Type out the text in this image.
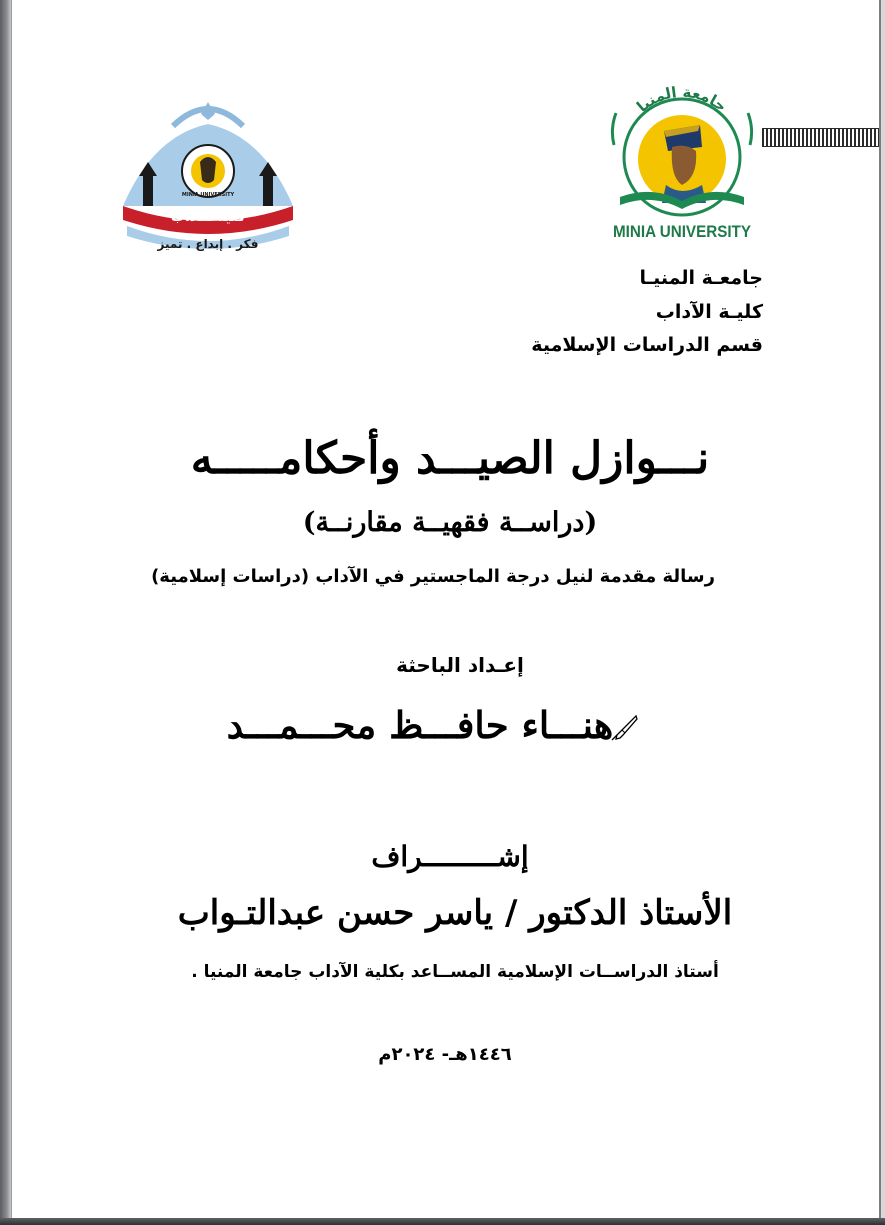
كلية الآداب
MINIA UNIVERSITY
فكر . إبداع . تميز
جامعة المنيا
MINIA UNIVERSITY
جامعـة المنيـا
كليـة الآداب
قسم الدراسات الإسلامية
نـــوازل الصيـــد وأحكامـــــه
(دراســة فقهيــة مقارنــة)
رسالة مقدمة لنيل درجة الماجستير في الآداب (دراسات إسلامية)
إعـداد الباحثة
هنـــاء حافـــظ محـــمـــد
إشـــــــــراف
الأستاذ الدكتور / ياسر حسن عبدالتـواب
أستاذ الدراســات الإسلامية المســاعد بكلية الآداب جامعة المنيا .
١٤٤٦هـ- ٢٠٢٤م
